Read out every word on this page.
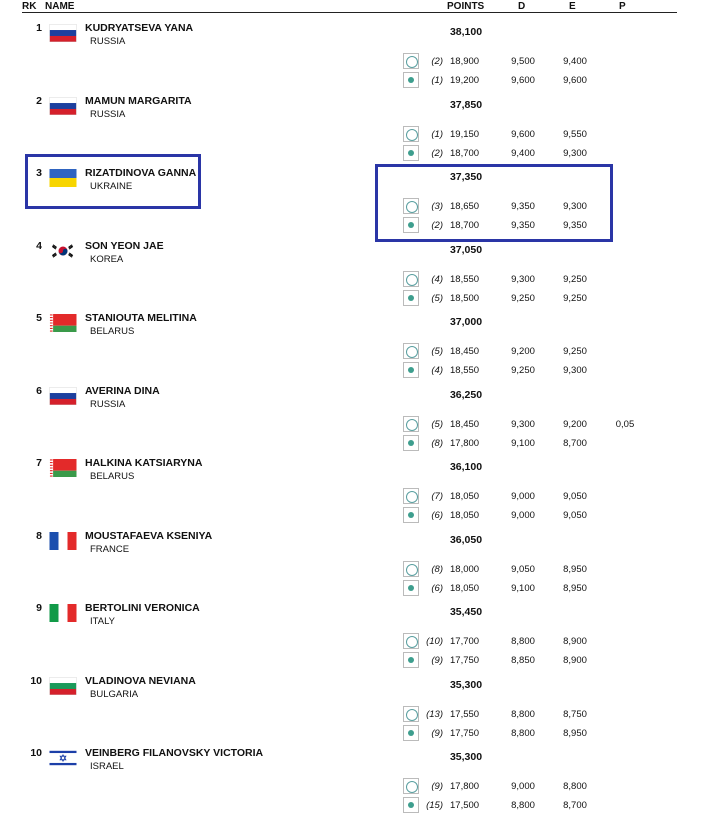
RK NAME	POINTS	D	E	P
1	KUDRYATSEVA YANA
RUSSIA
38,100
(2) 18,900	9,500	9,400
(1) 19,200	9,600	9,600
2	MAMUN MARGARITA
RUSSIA
37,850
(1) 19,150	9,600	9,550
(2) 18,700	9,400	9,300
3	RIZATDINOVA GANNA
UKRAINE
37,350
(3) 18,650	9,350	9,300
(2) 18,700	9,350	9,350
4	SON YEON JAE
KOREA
37,050
(4) 18,550	9,300	9,250
(5) 18,500	9,250	9,250
5	STANIOUTA MELITINA
BELARUS
37,000
(5) 18,450	9,200	9,250
(4) 18,550	9,250	9,300
6	AVERINA DINA
RUSSIA
36,250
(5) 18,450	9,300	9,200	0,05
(8) 17,800	9,100	8,700
7	HALKINA KATSIARYNA
BELARUS
36,100
(7) 18,050	9,000	9,050
(6) 18,050	9,000	9,050
8	MOUSTAFAEVA KSENIYA
FRANCE
36,050
(8) 18,000	9,050	8,950
(6) 18,050	9,100	8,950
9	BERTOLINI VERONICA
ITALY
35,450
(10) 17,700	8,800	8,900
(9) 17,750	8,850	8,900
10	VLADINOVA NEVIANA
BULGARIA
35,300
(13) 17,550	8,800	8,750
(9) 17,750	8,800	8,950
10	VEINBERG FILANOVSKY VICTORIA
ISRAEL
35,300
(9) 17,800	9,000	8,800
(15) 17,500	8,800	8,700
